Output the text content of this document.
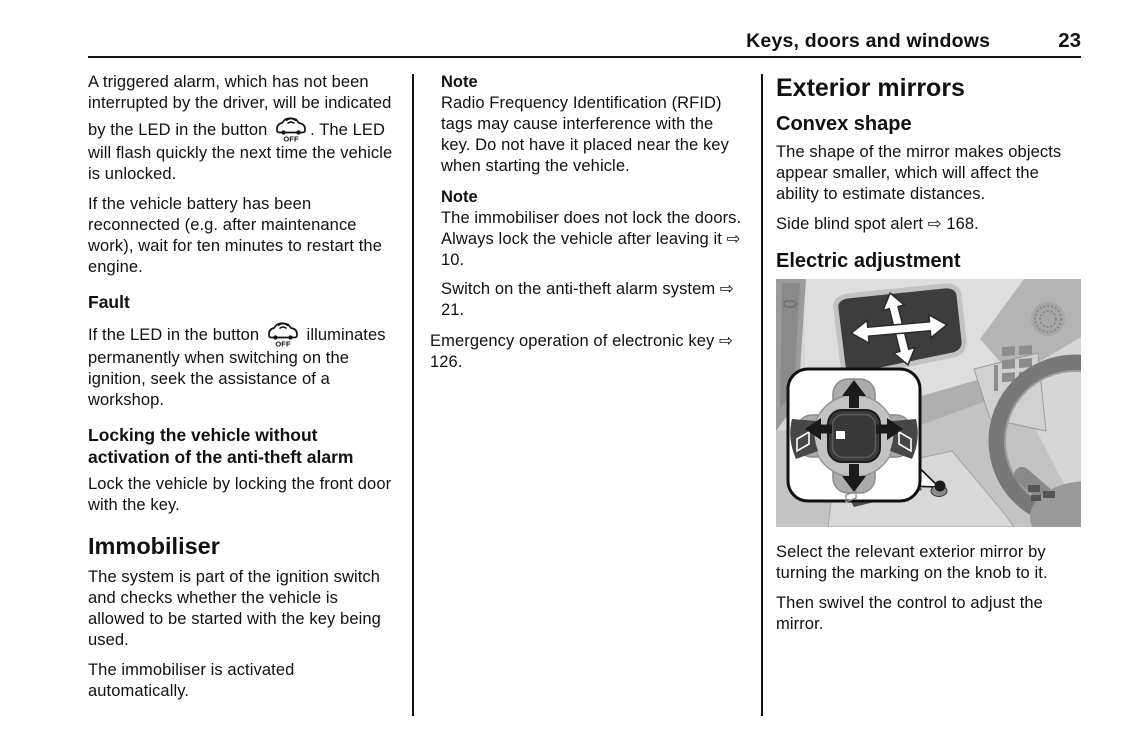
Keys, doors and windows	23

A triggered alarm, which has not been interrupted by the driver, will be indicated by the LED in the button OFF . The LED will flash quickly the next time the vehicle is unlocked.

If the vehicle battery has been reconnected (e.g. after maintenance work), wait for ten minutes to restart the engine.

Fault

If the LED in the button OFF illuminates permanently when switching on the ignition, seek the assistance of a workshop.

Locking the vehicle without activation of the anti-theft alarm

Lock the vehicle by locking the front door with the key.

Immobiliser

The system is part of the ignition switch and checks whether the vehicle is allowed to be started with the key being used.

The immobiliser is activated automatically.

Note

Radio Frequency Identification (RFID) tags may cause interference with the key. Do not have it placed near the key when starting the vehicle.

Note

The immobiliser does not lock the doors. Always lock the vehicle after leaving it ⇨ 10.

Switch on the anti-theft alarm system ⇨ 21.

Emergency operation of electronic key ⇨ 126.

Exterior mirrors
Convex shape

The shape of the mirror makes objects appear smaller, which will affect the ability to estimate distances.

Side blind spot alert ⇨ 168.

Electric adjustment

Select the relevant exterior mirror by turning the marking on the knob to it.

Then swivel the control to adjust the mirror.
